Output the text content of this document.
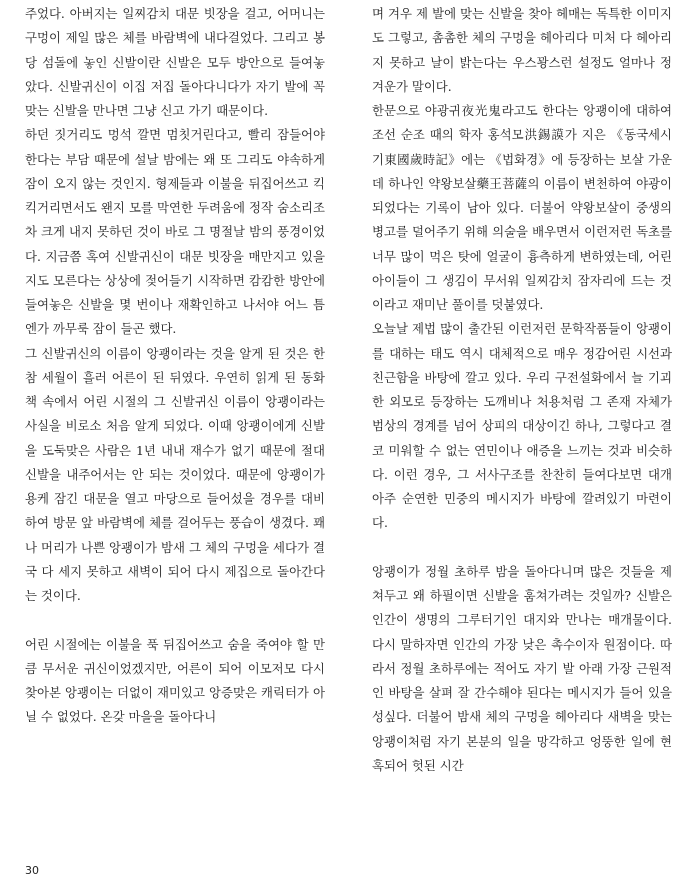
주었다. 아버지는 일찌감치 대문 빗장을 걸고, 어머니는 구멍이 제일 많은 체를 바람벽에 내다걸었다. 그리고 봉당 섬돌에 놓인 신발이란 신발은 모두 방안으로 들여놓았다. 신발귀신이 이집 저집 돌아다니다가 자기 발에 꼭 맞는 신발을 만나면 그냥 신고 가기 때문이다.

하던 짓거리도 멍석 깔면 멈칫거린다고, 빨리 잠들어야 한다는 부담 때문에 설날 밤에는 왜 또 그리도 야속하게 잠이 오지 않는 것인지. 형제들과 이불을 뒤집어쓰고 킥킥거리면서도 왠지 모를 막연한 두려움에 정작 숨소리조차 크게 내지 못하던 것이 바로 그 명절날 밤의 풍경이었다. 지금쯤 혹여 신발귀신이 대문 빗장을 매만지고 있을지도 모른다는 상상에 젖어들기 시작하면 캄캄한 방안에 들여놓은 신발을 몇 번이나 재확인하고 나서야 어느 틈엔가 까무룩 잠이 들곤 했다.

그 신발귀신의 이름이 앙괭이라는 것을 알게 된 것은 한참 세월이 흘러 어른이 된 뒤였다. 우연히 읽게 된 동화책 속에서 어린 시절의 그 신발귀신 이름이 앙괭이라는 사실을 비로소 처음 알게 되었다. 이때 앙괭이에게 신발을 도둑맞은 사람은 1년 내내 재수가 없기 때문에 절대 신발을 내주어서는 안 되는 것이었다. 때문에 앙괭이가 용케 잠긴 대문을 열고 마당으로 들어섰을 경우를 대비하여 방문 앞 바람벽에 체를 걸어두는 풍습이 생겼다. 꽤나 머리가 나쁜 앙괭이가 밤새 그 체의 구멍을 세다가 결국 다 세지 못하고 새벽이 되어 다시 제집으로 돌아간다는 것이다.

어린 시절에는 이불을 푹 뒤집어쓰고 숨을 죽여야 할 만큼 무서운 귀신이었겠지만, 어른이 되어 이모저모 다시 찾아본 앙괭이는 더없이 재미있고 앙증맞은 캐릭터가 아닐 수 없었다. 온갖 마을을 돌아다니

며 겨우 제 발에 맞는 신발을 찾아 헤매는 독특한 이미지도 그렇고, 촘촘한 체의 구멍을 헤아리다 미처 다 헤아리지 못하고 날이 밝는다는 우스꽝스런 설정도 얼마나 정겨운가 말이다.

한문으로 야광귀夜光鬼라고도 한다는 앙괭이에 대하여 조선 순조 때의 학자 홍석모洪錫謨가 지은 《동국세시기東國歲時記》에는 《법화경》에 등장하는 보살 가운데 하나인 약왕보살藥王菩薩의 이름이 변천하여 야광이 되었다는 기록이 남아 있다. 더불어 약왕보살이 중생의 병고를 덜어주기 위해 의술을 배우면서 이런저런 독초를 너무 많이 먹은 탓에 얼굴이 흉측하게 변하였는데, 어린아이들이 그 생김이 무서워 일찌감치 잠자리에 드는 것이라고 재미난 풀이를 덧붙였다.

오늘날 제법 많이 출간된 이런저런 문학작품들이 앙괭이를 대하는 태도 역시 대체적으로 매우 정감어린 시선과 친근함을 바탕에 깔고 있다. 우리 구전설화에서 늘 기괴한 외모로 등장하는 도깨비나 처용처럼 그 존재 자체가 범상의 경계를 넘어 상피의 대상이긴 하나, 그렇다고 결코 미워할 수 없는 연민이나 애증을 느끼는 것과 비슷하다. 이런 경우, 그 서사구조를 찬찬히 들여다보면 대개 아주 순연한 민중의 메시지가 바탕에 깔려있기 마련이다.

앙괭이가 정월 초하루 밤을 돌아다니며 많은 것들을 제쳐두고 왜 하필이면 신발을 훔쳐가려는 것일까? 신발은 인간이 생명의 그루터기인 대지와 만나는 매개물이다. 다시 말하자면 인간의 가장 낮은 촉수이자 원점이다. 따라서 정월 초하루에는 적어도 자기 발 아래 가장 근원적인 바탕을 살펴 잘 간수해야 된다는 메시지가 들어 있을 성싶다. 더불어 밤새 체의 구멍을 헤아리다 새벽을 맞는 앙괭이처럼 자기 본분의 일을 망각하고 엉뚱한 일에 현혹되어 헛된 시간

30
